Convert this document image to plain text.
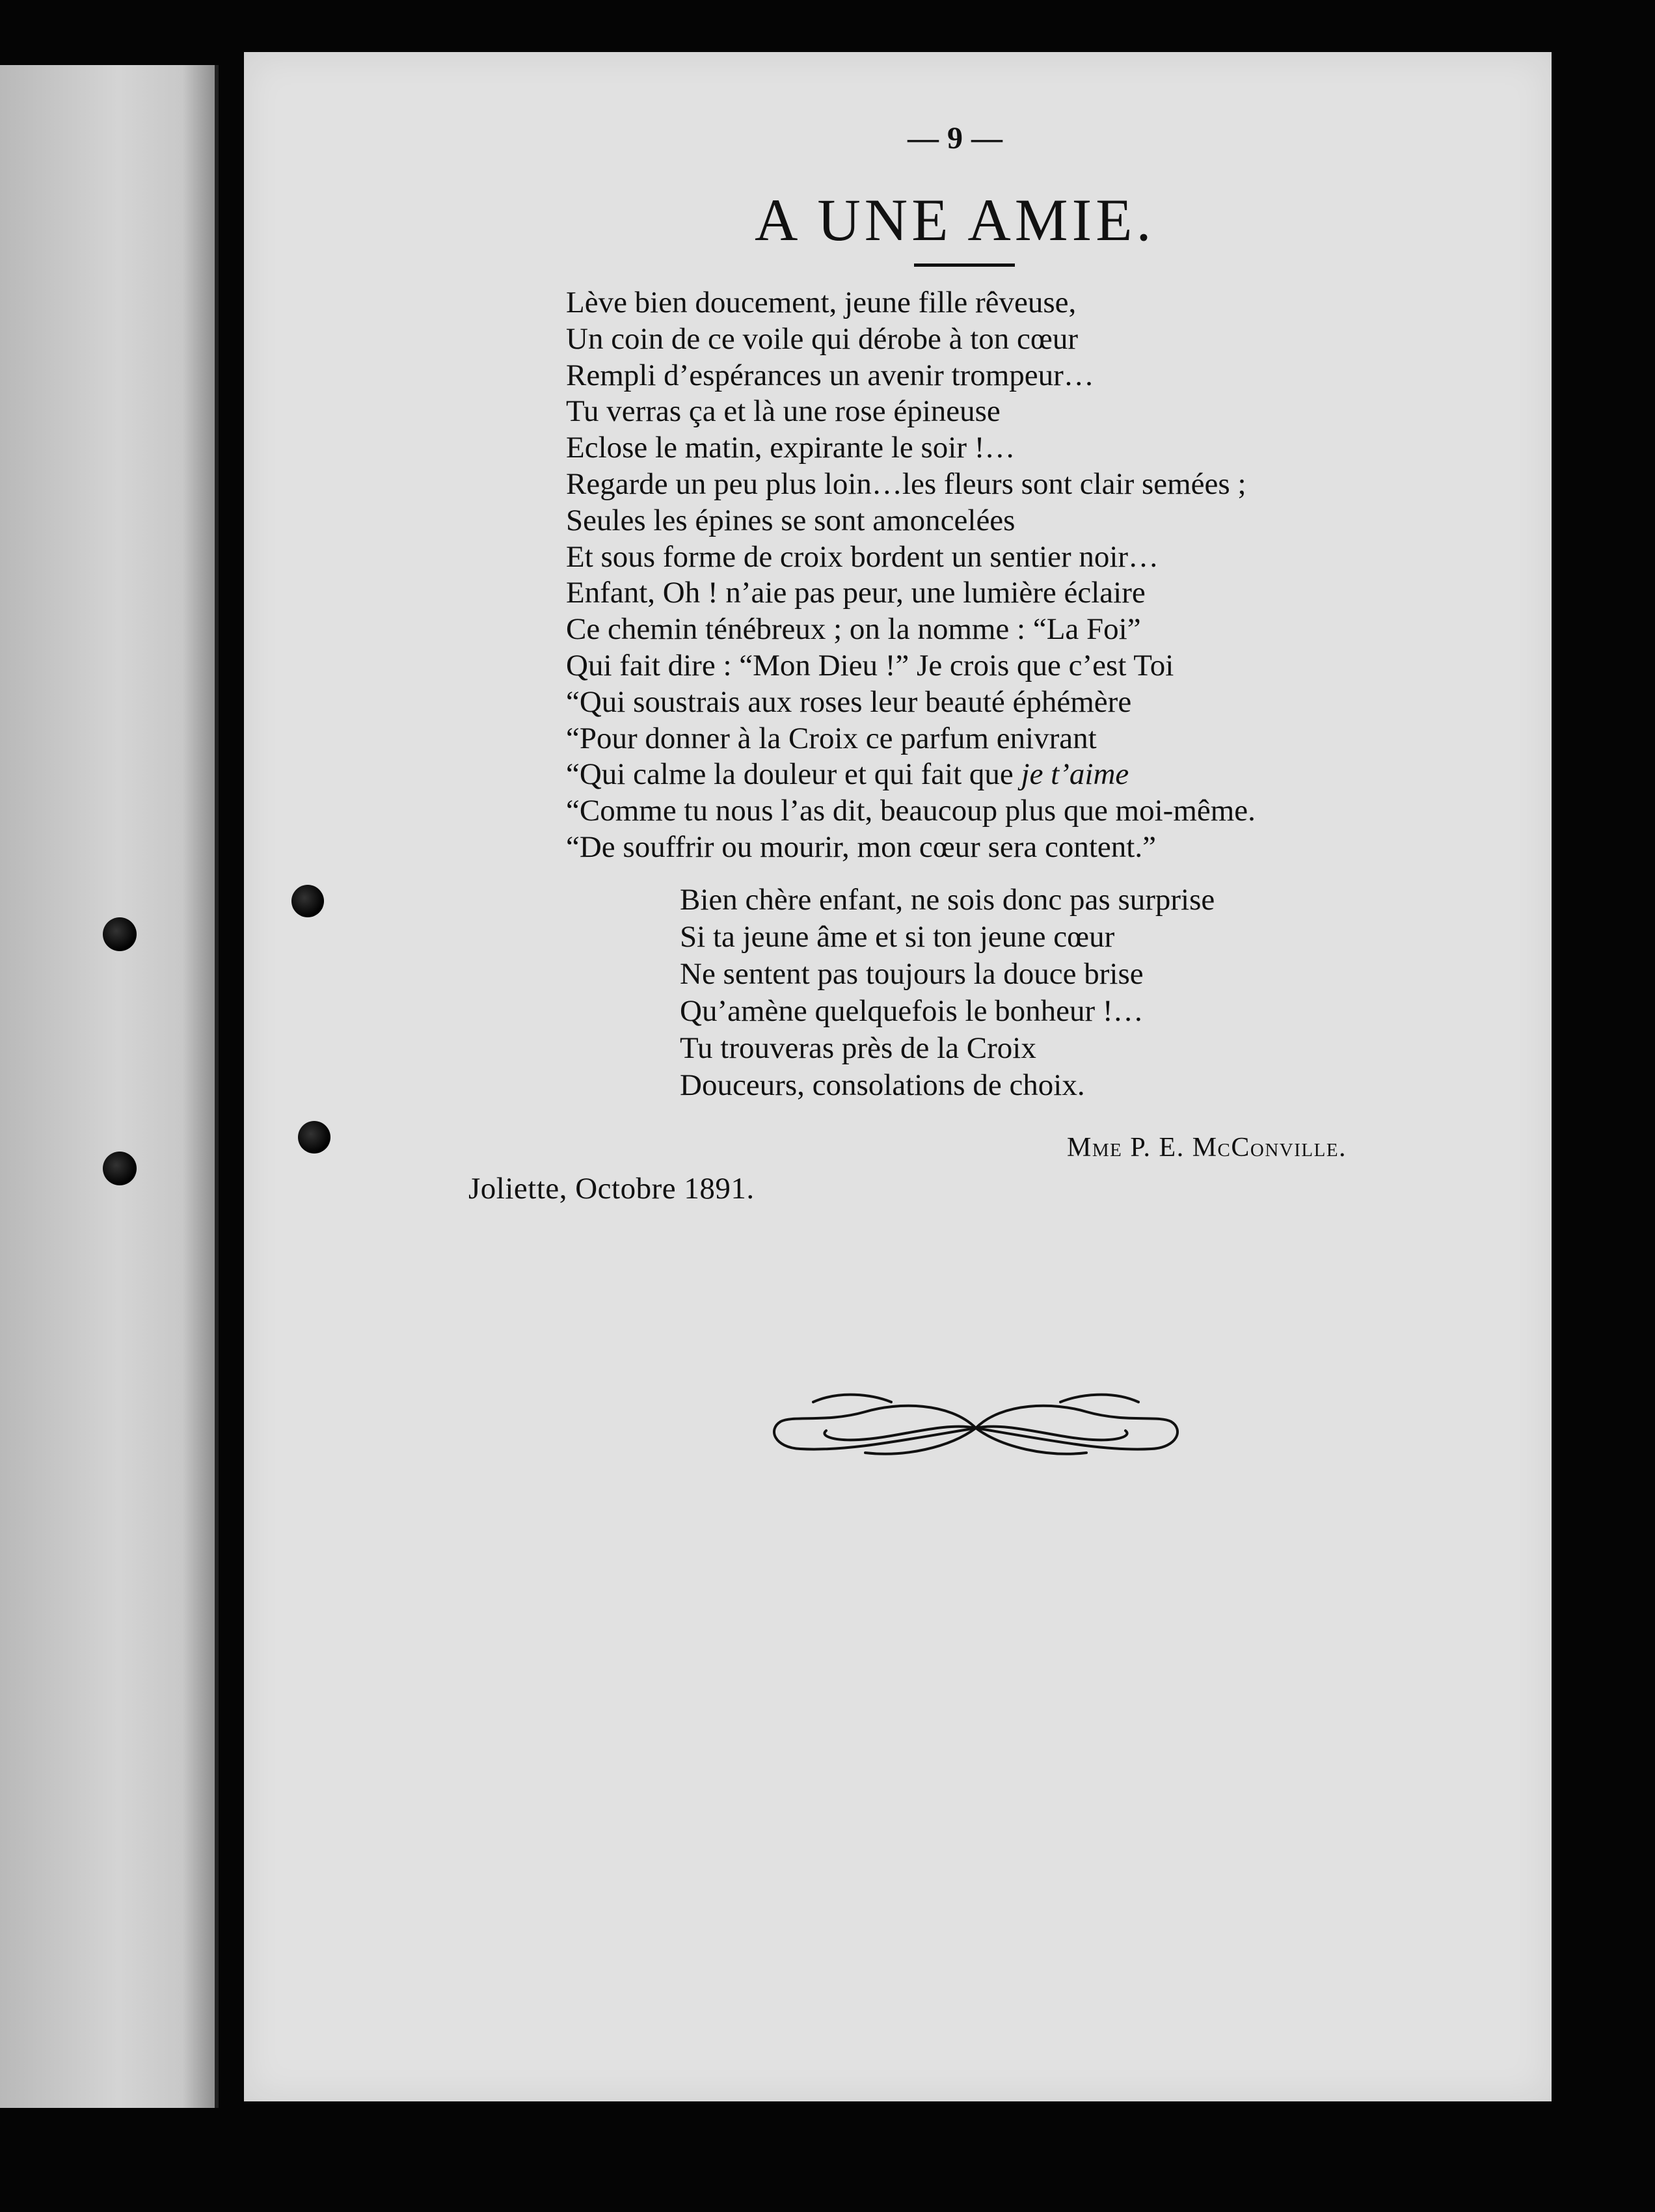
— 9 —
A UNE AMIE.
Lève bien doucement, jeune fille rêveuse,
Un coin de ce voile qui dérobe à ton cœur
Rempli d’espérances un avenir trompeur…
Tu verras ça et là une rose épineuse
Eclose le matin, expirante le soir !…
Regarde un peu plus loin…les fleurs sont clair semées ;
Seules les épines se sont amoncelées
Et sous forme de croix bordent un sentier noir…
Enfant, Oh ! n’aie pas peur, une lumière éclaire
Ce chemin ténébreux ; on la nomme : “La Foi”
Qui fait dire : “Mon Dieu !” Je crois que c’est Toi
“Qui soustrais aux roses leur beauté éphémère
“Pour donner à la Croix ce parfum enivrant
“Qui calme la douleur et qui fait que je t’aime
“Comme tu nous l’as dit, beaucoup plus que moi-même.
“De souffrir ou mourir, mon cœur sera content.”
Bien chère enfant, ne sois donc pas surprise
Si ta jeune âme et si ton jeune cœur
Ne sentent pas toujours la douce brise
Qu’amène quelquefois le bonheur !…
Tu trouveras près de la Croix
Douceurs, consolations de choix.
Mme P. E. McConville.
Joliette, Octobre 1891.
